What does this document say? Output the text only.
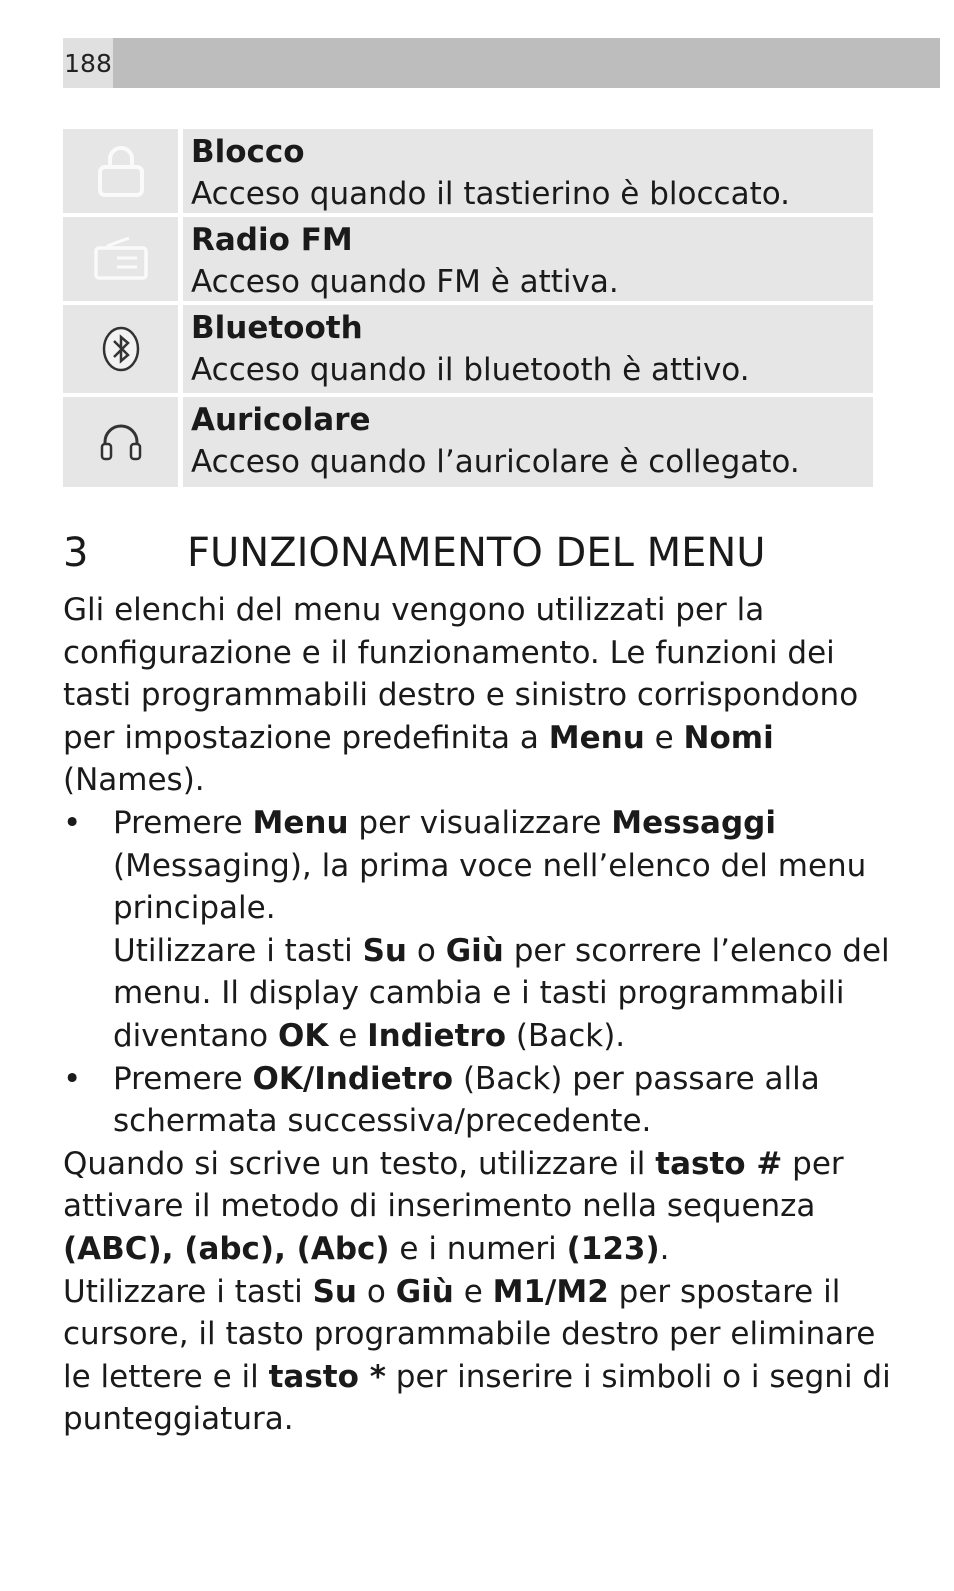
188
Blocco
Acceso quando il tastierino è bloccato.
Radio FM
Acceso quando FM è attiva.
Bluetooth
Acceso quando il bluetooth è attivo.
Auricolare
Acceso quando l’auricolare è collegato.
3 FUNZIONAMENTO DEL MENU

Gli elenchi del menu vengono utilizzati per la configurazione e il funzionamento. Le funzioni dei tasti programmabili destro e sinistro corrispondono per impostazione predefinita a Menu e Nomi
(Names).

• Premere Menu per visualizzare Messaggi (Messaging), la prima voce nell’elenco del menu principale.
Utilizzare i tasti Su o Giù per scorrere l’elenco del menu. Il display cambia e i tasti programmabili diventano OK e Indietro (Back).

• Premere OK/Indietro (Back) per passare alla schermata successiva/precedente.

Quando si scrive un testo, utilizzare il tasto # per attivare il metodo di inserimento nella sequenza (ABC), (abc), (Abc) e i numeri (123).

Utilizzare i tasti Su o Giù e M1/M2 per spostare il cursore, il tasto programmabile destro per eliminare le lettere e il tasto * per inserire i simboli o i segni di punteggiatura.
